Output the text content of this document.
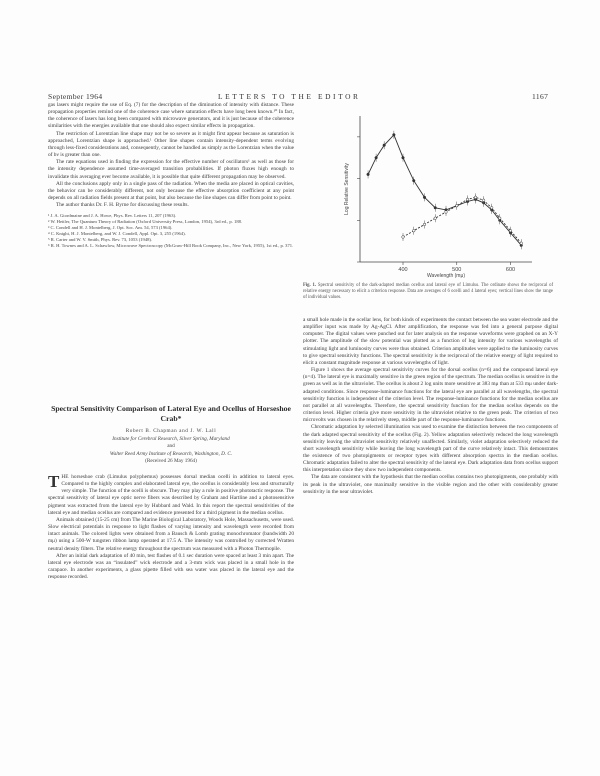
September 1964	LETTERS TO THE EDITOR	1167

gas lasers might require the use of Eq. (7) for the description of the diminution of intensity with distance. These propagation properties remind one of the coherence case where saturation effects have long been known.¹⁰ In fact, the coherence of lasers has long been compared with microwave generators, and it is just because of the coherence similarities with the energies available that one should also expect similar effects in propagation.

The restriction of Lorentzian line shape may not be so severe as it might first appear because as saturation is approached, Lorentzian shape is approached.¹ Other line shapes contain intensity-dependent terms evolving through less-fixed considerations and, consequently, cannot be handled as simply as the Lorentzian when the value of bν is greater than one.

The rate equations used in finding the expression for the effective number of oscillators¹ as well as those for the intensity dependence assumed time-averaged transition probabilities. If photon fluxes high enough to invalidate this averaging ever become available, it is possible that quite different propagation may be observed.

All the conclusions apply only in a single pass of the radiation. When the media are placed in optical cavities, the behavior can be considerably different, not only because the effective absorption coefficient at any point depends on all radiation fields present at that point, but also because the line shapes can differ from point to point.

The author thanks Dr. F. H. Byrne for discussing these results.

¹ J. A. Giordmaine and J. A. Howe, Phys. Rev. Letters 11, 207 (1963).
² W. Heitler, The Quantum Theory of Radiation (Oxford University Press, London, 1954), 3rd ed., p. 188.
³ C. Condell and H. J. Montelberg, J. Opt. Soc. Am. 54, 573 (1964).
⁴ C. Knight, H. J. Montelberg, and W. J. Condell, Appl. Opt. 3, 255 (1964).
⁵ R. Carter and W. V. Smith, Phys. Rev. 73, 1053 (1948).
⁶ R. H. Townes and A. L. Schawlow, Microwave Spectroscopy (McGraw-Hill Book Company, Inc., New York, 1955), 1st ed., p. 371.
Spectral Sensitivity Comparison of Lateral Eye and Ocellus of Horseshoe Crab*
Robert B. Chapman and J. W. Lall
Institute for Cerebral Research, Silver Spring, Maryland
and
Walter Reed Army Institute of Research, Washington, D. C.
(Received 26 May 1964)

THE horseshoe crab (Limulus polyphemus) possesses dorsal median ocelli in addition to lateral eyes. Compared to the highly complex and elaborated lateral eye, the ocellus is considerably less and structurally very simple. The function of the ocelli is obscure. They may play a role in positive phototactic response. The spectral sensitivity of lateral eye optic nerve fibers was described by Graham and Hartline and a photosensitive pigment was extracted from the lateral eye by Hubbard and Wald. In this report the spectral sensitivities of the lateral eye and median ocellus are compared and evidence presented for a third pigment in the median ocellus.

Animals obtained (15-25 cm) from The Marine Biological Laboratory, Woods Hole, Massachusetts, were used. Slow electrical potentials in response to light flashes of varying intensity and wavelength were recorded from intact animals. The colored lights were obtained from a Bausch & Lomb grating monochromator (bandwidth 20 mμ) using a 500-W tungsten ribbon lamp operated at 17.5 A. The intensity was controlled by corrected Wratten neutral density filters. The relative energy throughout the spectrum was measured with a Photon Thermopile.

After an initial dark adaptation of 40 min, test flashes of 0.1 sec duration were spaced at least 3 min apart. The lateral eye electrode was an “insulated” wick electrode and a 3-mm wick was placed in a small hole in the carapace. In another experiments, a glass pipette filled with sea water was placed in the lateral eye and the response recorded.

400	500	600
Wavelength (mμ)
Log Relative Sensitivity
Fig. 1. Spectral sensitivity of the dark-adapted median ocellus and lateral eye of Limulus. The ordinate shows the reciprocal of relative energy necessary to elicit a criterion response. Data are averages of 6 ocelli and 4 lateral eyes; vertical lines show the range of individual values.

a small hole made in the ocellar lens, for both kinds of experiments the contact between the sea water electrode and the amplifier input was made by Ag-AgCl. After amplification, the response was fed into a general purpose digital computer. The digital values were punched out for later analysis on the response waveforms were graphed on an X-Y plotter. The amplitude of the slow potential was plotted as a function of log intensity for various wavelengths of stimulating light and luminosity curves were thus obtained. Criterion amplitudes were applied to the luminosity curves to give spectral sensitivity functions. The spectral sensitivity is the reciprocal of the relative energy of light required to elicit a constant magnitude response at various wavelengths of light.

Figure 1 shows the average spectral sensitivity curves for the dorsal ocellus (n=6) and the compound lateral eye (n=4). The lateral eye is maximally sensitive in the green region of the spectrum. The median ocellus is sensitive in the green as well as in the ultraviolet. The ocellus is about 2 log units more sensitive at 383 mμ than at 533 mμ under dark-adapted conditions. Since response-luminance functions for the lateral eye are parallel at all wavelengths, the spectral sensitivity function is independent of the criterion level. The response-luminance functions for the median ocellus are not parallel at all wavelengths. Therefore, the spectral sensitivity function for the median ocellus depends on the criterion level. Higher criteria give more sensitivity in the ultraviolet relative to the green peak. The criterion of two microvolts was chosen in the relatively steep, middle part of the response-luminance functions.

Chromatic adaptation by selected illumination was used to examine the distinction between the two components of the dark adapted spectral sensitivity of the ocellus (Fig. 2). Yellow adaptation selectively reduced the long wavelength sensitivity leaving the ultraviolet sensitivity relatively unaffected. Similarly, violet adaptation selectively reduced the short wavelength sensitivity while leaving the long wavelength part of the curve relatively intact. This demonstrates the existence of two photopigments or receptor types with different absorption spectra in the median ocellus. Chromatic adaptation failed to alter the spectral sensitivity of the lateral eye. Dark adaptation data from ocellus support this interpretation since they show two independent components.

The data are consistent with the hypothesis that the median ocellus contains two photopigments, one probably with its peak in the ultraviolet, one maximally sensitive in the visible region and the other with considerably greater sensitivity in the near ultraviolet.
